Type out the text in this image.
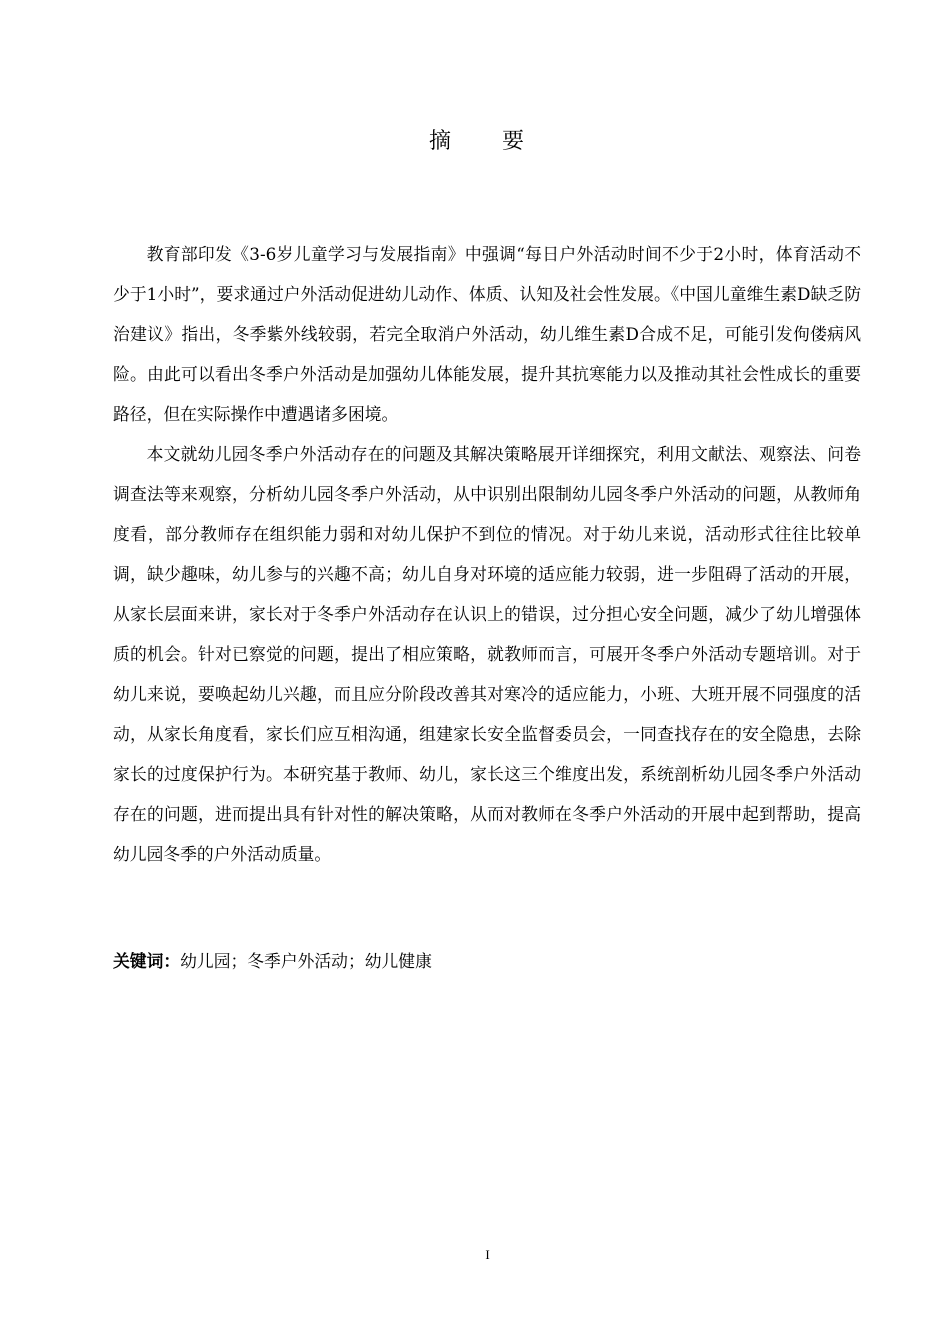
摘 要

教育部印发《3-6岁儿童学习与发展指南》中强调“每日户外活动时间不少于2小时，体育活动不少于1小时”，要求通过户外活动促进幼儿动作、体质、认知及社会性发展。《中国儿童维生素D缺乏防治建议》指出，冬季紫外线较弱，若完全取消户外活动，幼儿维生素D合成不足，可能引发佝偻病风险。由此可以看出冬季户外活动是加强幼儿体能发展，提升其抗寒能力以及推动其社会性成长的重要路径，但在实际操作中遭遇诸多困境。

本文就幼儿园冬季户外活动存在的问题及其解决策略展开详细探究，利用文献法、观察法、问卷调查法等来观察，分析幼儿园冬季户外活动，从中识别出限制幼儿园冬季户外活动的问题，从教师角度看，部分教师存在组织能力弱和对幼儿保护不到位的情况。对于幼儿来说，活动形式往往比较单调，缺少趣味，幼儿参与的兴趣不高；幼儿自身对环境的适应能力较弱，进一步阻碍了活动的开展，从家长层面来讲，家长对于冬季户外活动存在认识上的错误，过分担心安全问题，减少了幼儿增强体质的机会。针对已察觉的问题，提出了相应策略，就教师而言，可展开冬季户外活动专题培训。对于幼儿来说，要唤起幼儿兴趣，而且应分阶段改善其对寒冷的适应能力，小班、大班开展不同强度的活动，从家长角度看，家长们应互相沟通，组建家长安全监督委员会，一同查找存在的安全隐患，去除家长的过度保护行为。本研究基于教师、幼儿，家长这三个维度出发，系统剖析幼儿园冬季户外活动存在的问题，进而提出具有针对性的解决策略，从而对教师在冬季户外活动的开展中起到帮助，提高幼儿园冬季的户外活动质量。

关键词：幼儿园；冬季户外活动；幼儿健康
I
